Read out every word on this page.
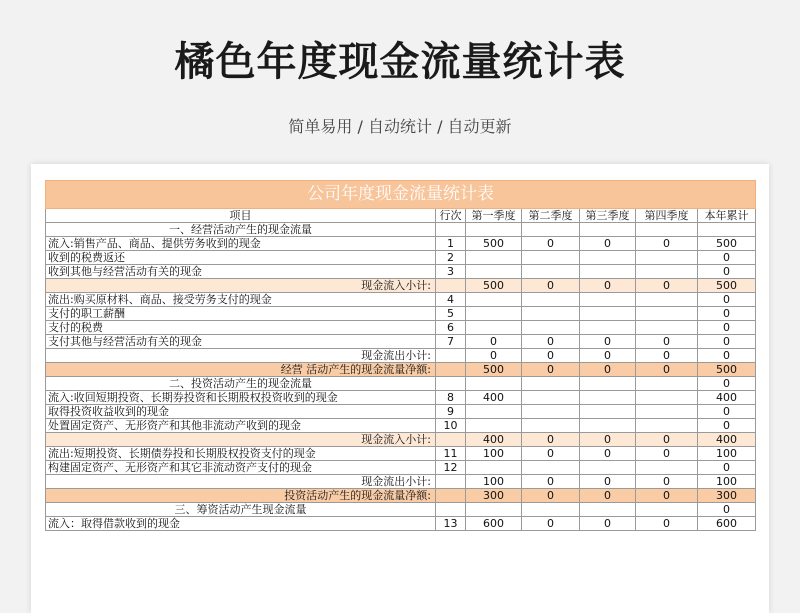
橘色年度现金流量统计表
简单易用 / 自动统计 / 自动更新
公司年度现金流量统计表						
项目	行次	第一季度	第二季度	第三季度	第四季度	本年累计
一、经营活动产生的现金流量						
流入:销售产品、商品、提供劳务收到的现金	1	500	0	0	0	500
收到的税费返还	2					0
收到其他与经营活动有关的现金	3					0
现金流入小计:		500	0	0	0	500
流出:购买原材料、商品、接受劳务支付的现金	4					0
支付的职工薪酬	5					0
支付的税费	6					0
支付其他与经营活动有关的现金	7	0	0	0	0	0
现金流出小计:		0	0	0	0	0
经营 活动产生的现金流量净额:		500	0	0	0	500
二、投资活动产生的现金流量						0
流入:收回短期投资、长期券投资和长期股权投资收到的现金	8	400				400
取得投资收益收到的现金	9					0
处置固定资产、无形资产和其他非流动产收到的现金	10					0
现金流入小计:		400	0	0	0	400
流出:短期投资、长期债券投和长期股权投资支付的现金	11	100	0	0	0	100
构建固定资产、无形资产和其它非流动资产支付的现金	12					0
现金流出小计:		100	0	0	0	100
投资活动产生的现金流量净额:		300	0	0	0	300
三、筹资活动产生现金流量						0
流入：取得借款收到的现金	13	600	0	0	0	600
